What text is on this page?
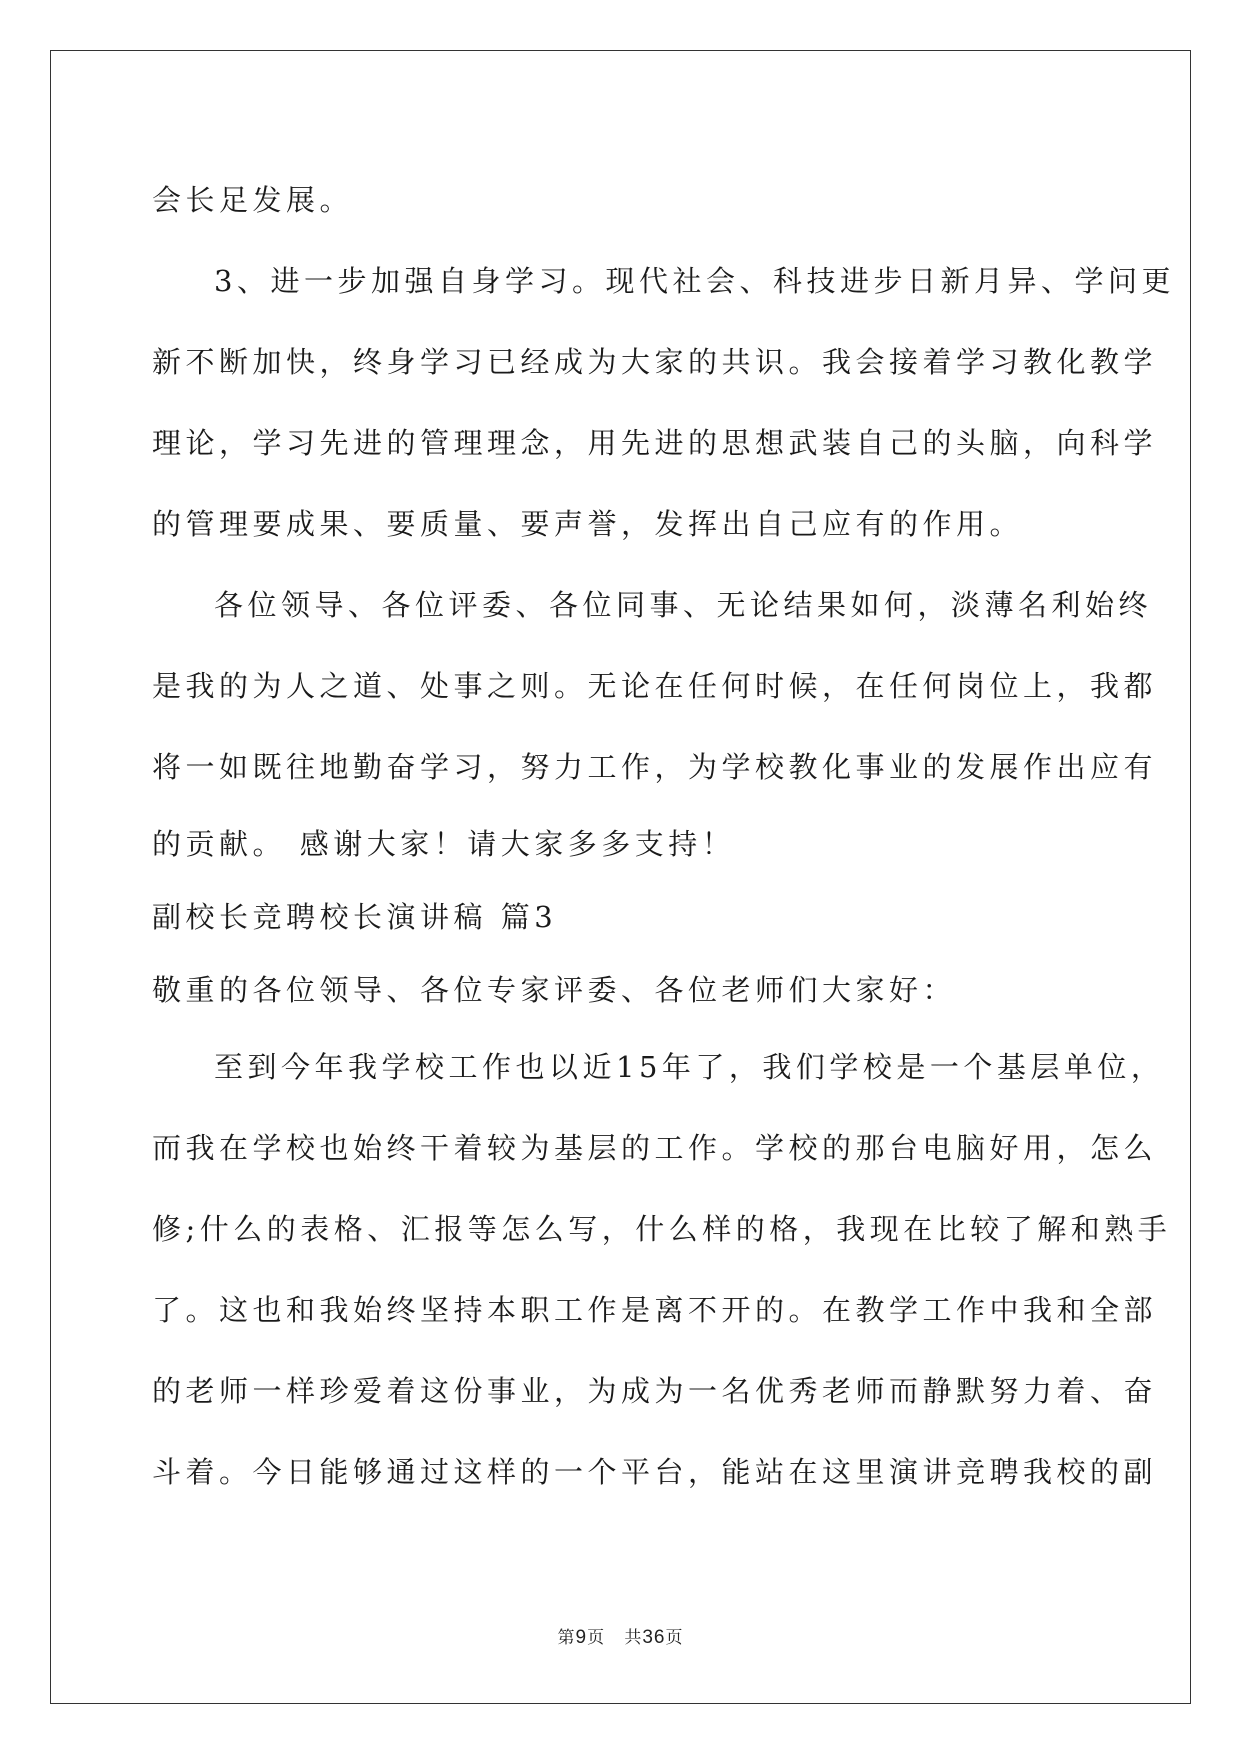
会长足发展。
3、进一步加强自身学习。现代社会、科技进步日新月异、学问更
新不断加快，终身学习已经成为大家的共识。我会接着学习教化教学
理论，学习先进的管理理念，用先进的思想武装自己的头脑，向科学
的管理要成果、要质量、要声誉，发挥出自己应有的作用。
各位领导、各位评委、各位同事、无论结果如何，淡薄名利始终
是我的为人之道、处事之则。无论在任何时候，在任何岗位上，我都
将一如既往地勤奋学习，努力工作，为学校教化事业的发展作出应有
的贡献。 感谢大家！请大家多多支持！
副校长竞聘校长演讲稿 篇3
敬重的各位领导、各位专家评委、各位老师们大家好：
至到今年我学校工作也以近15年了，我们学校是一个基层单位，
而我在学校也始终干着较为基层的工作。学校的那台电脑好用，怎么
修;什么的表格、汇报等怎么写，什么样的格，我现在比较了解和熟手
了。这也和我始终坚持本职工作是离不开的。在教学工作中我和全部
的老师一样珍爱着这份事业，为成为一名优秀老师而静默努力着、奋
斗着。今日能够通过这样的一个平台，能站在这里演讲竞聘我校的副
第9页   共36页
